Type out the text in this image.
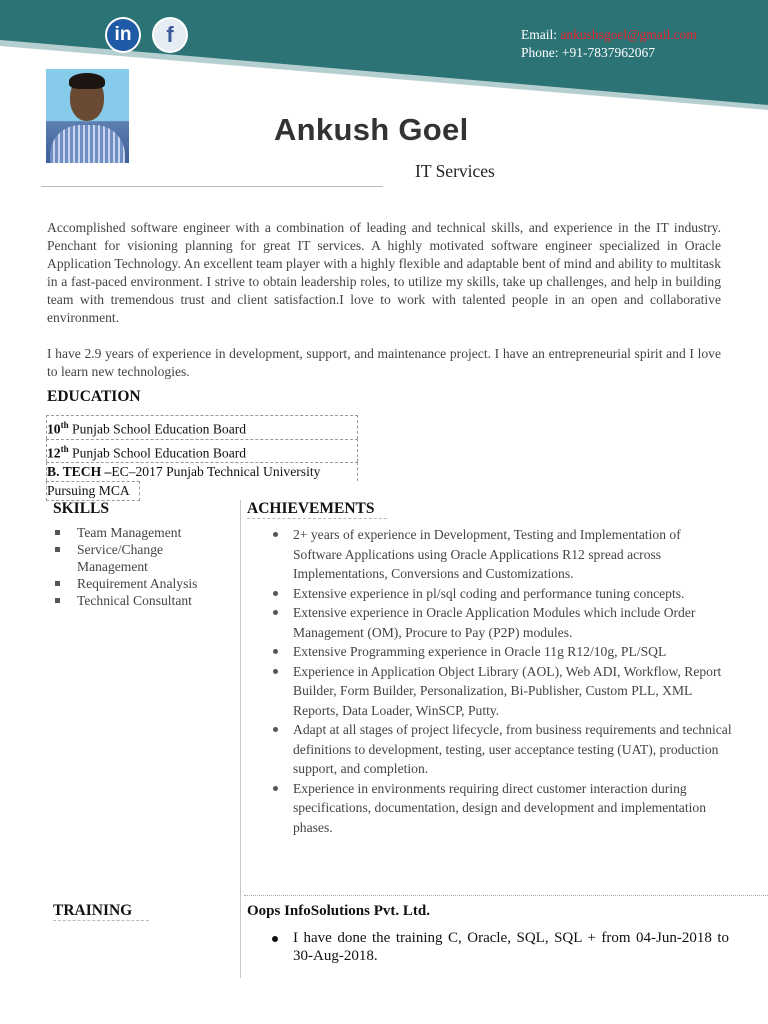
in	f	Email: ankushsgoel@gmail.com
Phone: +91-7837962067
Ankush Goel
IT Services

Accomplished software engineer with a combination of leading and technical skills, and experience in the IT industry. Penchant for visioning planning for great IT services. A highly motivated software engineer specialized in Oracle Application Technology. An excellent team player with a highly flexible and adaptable bent of mind and ability to multitask in a fast-paced environment. I strive to obtain leadership roles, to utilize my skills, take up challenges, and help in building team with tremendous trust and client satisfaction.I love to work with talented people in an open and collaborative environment.

I have 2.9 years of experience in development, support, and maintenance project. I have an entrepreneurial spirit and I love to learn new technologies.

EDUCATION
10th Punjab School Education Board
12th Punjab School Education Board
B. TECH –EC–2017 Punjab Technical University
Pursuing MCA
SKILLS
Team Management
Service/Change Management
Requirement Analysis
Technical Consultant
ACHIEVEMENTS
2+ years of experience in Development, Testing and Implementation of Software Applications using Oracle Applications R12 spread across Implementations, Conversions and Customizations.
Extensive experience in pl/sql coding and performance tuning concepts.
Extensive experience in Oracle Application Modules which include Order Management (OM), Procure to Pay (P2P) modules.
Extensive Programming experience in Oracle 11g R12/10g, PL/SQL
Experience in Application Object Library (AOL), Web ADI, Workflow, Report Builder, Form Builder, Personalization, Bi-Publisher, Custom PLL, XML Reports, Data Loader, WinSCP, Putty.
Adapt at all stages of project lifecycle, from business requirements and technical definitions to development, testing, user acceptance testing (UAT), production support, and completion.
Experience in environments requiring direct customer interaction during specifications, documentation, design and development and implementation phases.
TRAINING	Oops InfoSolutions Pvt. Ltd.
I have done the training C, Oracle, SQL, SQL + from 04-Jun-2018 to 30-Aug-2018.
